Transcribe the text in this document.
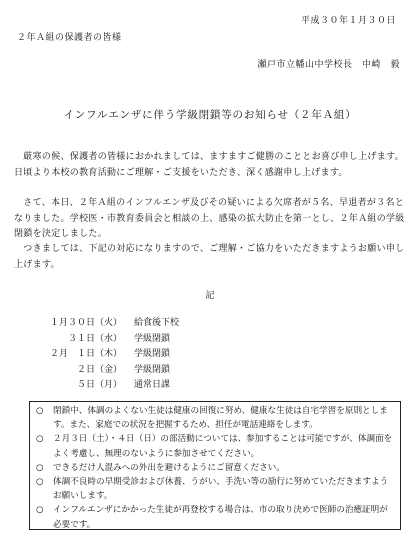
平成３０年１月３０日
２年Ａ組の保護者の皆様
瀬戸市立幡山中学校長　中崎　毅
インフルエンザに伴う学級閉鎖等のお知らせ（２年Ａ組）
　厳寒の候、保護者の皆様におかれましては、ますますご健勝のこととお喜び申し上げます。日頃より本校の教育活動にご理解・ご支援をいただき、深く感謝申し上げます。
　さて、本日、２年Ａ組のインフルエンザ及びその疑いによる欠席者が５名、早退者が３名となりました。学校医・市教育委員会と相談の上、感染の拡大防止を第一とし、２年Ａ組の学級閉鎖を決定しました。
　つきましては、下記の対応になりますので、ご理解・ご協力をいただきますようお願い申し上げます。
記
１月３０日（火）	給食後下校
３１日（水）	学級閉鎖
２月　１日（木）	学級閉鎖
２日（金）	学級閉鎖
５日（月）	通常日課
○	閉鎖中、体調のよくない生徒は健康の回復に努め、健康な生徒は自宅学習を原則とします。また、家庭での状況を把握するため、担任が電話連絡をします。
○	２月３日（土）・４日（日）の部活動については、参加することは可能ですが、体調面をよく考慮し、無理のないように参加させてください。
○	できるだけ人混みへの外出を避けるようにご留意ください。
○	体調不良時の早期受診および休養、うがい、手洗い等の励行に努めていただきますようお願いします。
○	インフルエンザにかかった生徒が再登校する場合は、市の取り決めで医師の治癒証明が必要です。
